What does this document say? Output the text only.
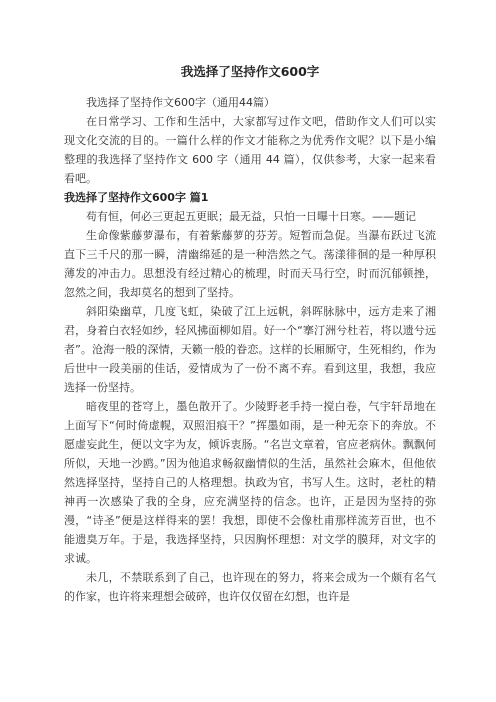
我选择了坚持作文600字

我选择了坚持作文600字（通用44篇）

在日常学习、工作和生活中，大家都写过作文吧，借助作文人们可以实现文化交流的目的。一篇什么样的作文才能称之为优秀作文呢？以下是小编整理的我选择了坚持作文 600 字（通用 44 篇），仅供参考，大家一起来看看吧。

我选择了坚持作文600字 篇1

苟有恒，何必三更起五更眠；最无益，只怕一日曝十日寒。——题记

生命像紫藤萝瀑布，有着紫藤萝的芬芳。短暂而急促。当瀑布跃过飞流直下三千尺的那一瞬，清幽绵延的是一种浩然之气。荡漾徘徊的是一种厚积薄发的冲击力。思想没有经过精心的梳理，时而天马行空，时而沉郁顿挫，忽然之间，我却莫名的想到了坚持。

斜阳染幽草，几度飞虹，染破了江上远帆，斜晖脉脉中，远方走来了湘君，身着白衣轻如纱，轻风拂面柳如眉。好一个“搴汀洲兮杜若，将以遗兮远者”。沧海一般的深情，天籁一般的眷恋。这样的长厢厮守，生死相约，作为后世中一段美丽的佳话，爱情成为了一份不离不弃。看到这里，我想，我应选择一份坚持。

暗夜里的苍穹上，墨色散开了。少陵野老手持一搅白卷，气宇轩昂地在上面写下“何时倚虚幌，双照泪痕干？”挥墨如雨，是一种无奈下的奔放。不愿虚妄此生，便以文字为友，倾诉衷肠。“名岂文章着，官应老病休。飘飘何所似，天地一沙鸥。”因为他追求畅叙幽情似的生活，虽然社会麻木，但他依然选择坚持，坚持自己的人格理想。执政为官，书写人生。这时，老杜的精神再一次感染了我的全身，应充满坚持的信念。也许，正是因为坚持的弥漫，“诗圣”便是这样得来的罢！我想，即使不会像杜甫那样流芳百世，也不能遗臭万年。于是，我选择坚持，只因胸怀理想：对文学的膜拜，对文字的求诚。

未几，不禁联系到了自己，也许现在的努力，将来会成为一个颇有名气的作家，也许将来理想会破碎，也许仅仅留在幻想，也许是
